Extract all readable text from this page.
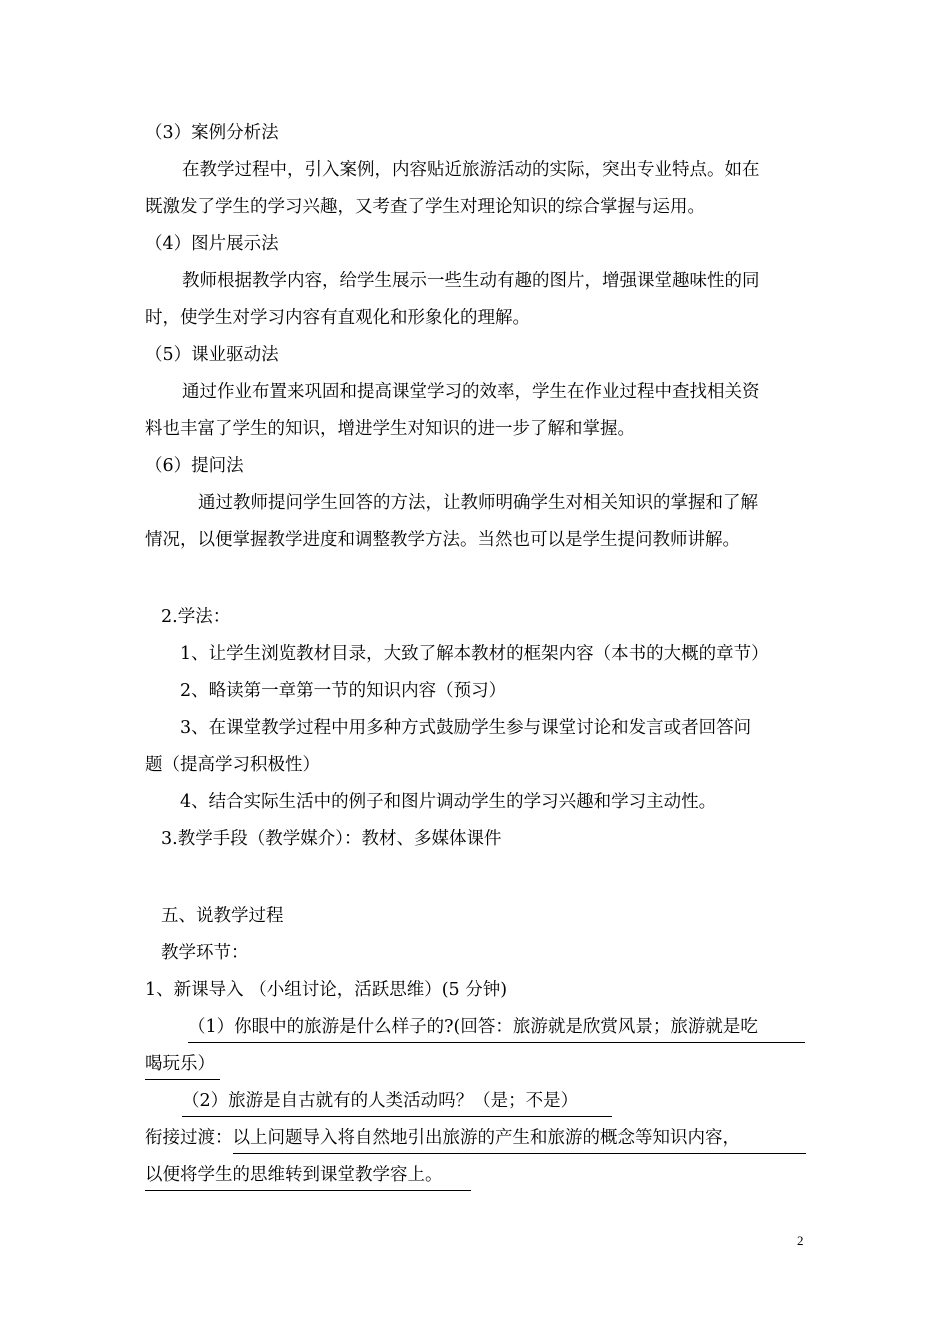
（3）案例分析法
在教学过程中，引入案例，内容贴近旅游活动的实际，突出专业特点。如在
既激发了学生的学习兴趣，又考查了学生对理论知识的综合掌握与运用。
（4）图片展示法
教师根据教学内容，给学生展示一些生动有趣的图片，增强课堂趣味性的同
时，使学生对学习内容有直观化和形象化的理解。
（5）课业驱动法
通过作业布置来巩固和提高课堂学习的效率，学生在作业过程中查找相关资
料也丰富了学生的知识，增进学生对知识的进一步了解和掌握。
（6）提问法
通过教师提问学生回答的方法，让教师明确学生对相关知识的掌握和了解
情况，以便掌握教学进度和调整教学方法。当然也可以是学生提问教师讲解。
2.学法：
1、让学生浏览教材目录，大致了解本教材的框架内容（本书的大概的章节）
2、略读第一章第一节的知识内容（预习）
3、在课堂教学过程中用多种方式鼓励学生参与课堂讨论和发言或者回答问
题（提高学习积极性）
4、结合实际生活中的例子和图片调动学生的学习兴趣和学习主动性。
3.教学手段（教学媒介）：教材、多媒体课件
五、说教学过程
教学环节：
1、新课导入 （小组讨论，活跃思维）(5 分钟)
（1）你眼中的旅游是什么样子的?(回答：旅游就是欣赏风景；旅游就是吃
喝玩乐）
（2）旅游是自古就有的人类活动吗？（是；不是）
衔接过渡：以上问题导入将自然地引出旅游的产生和旅游的概念等知识内容，
以便将学生的思维转到课堂教学容上。
2
